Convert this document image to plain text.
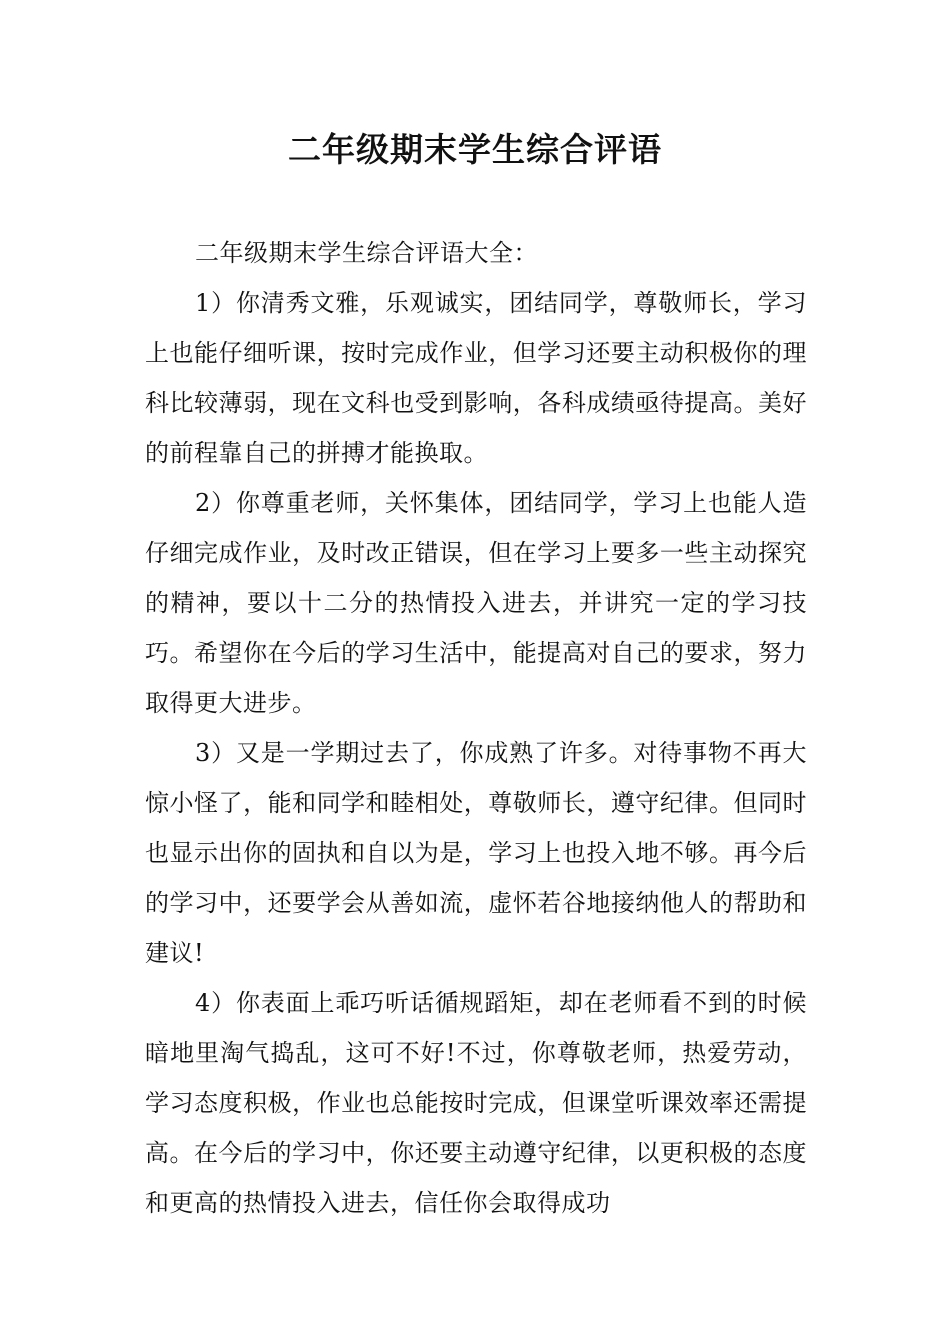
二年级期末学生综合评语

二年级期末学生综合评语大全：

1）你清秀文雅，乐观诚实，团结同学，尊敬师长，学习上也能仔细听课，按时完成作业，但学习还要主动积极你的理科比较薄弱，现在文科也受到影响，各科成绩亟待提高。美好的前程靠自己的拼搏才能换取。

2）你尊重老师，关怀集体，团结同学，学习上也能人造仔细完成作业，及时改正错误，但在学习上要多一些主动探究的精神，要以十二分的热情投入进去，并讲究一定的学习技巧。希望你在今后的学习生活中，能提高对自己的要求，努力取得更大进步。

3）又是一学期过去了，你成熟了许多。对待事物不再大惊小怪了，能和同学和睦相处，尊敬师长，遵守纪律。但同时也显示出你的固执和自以为是，学习上也投入地不够。再今后的学习中，还要学会从善如流，虚怀若谷地接纳他人的帮助和建议!

4）你表面上乖巧听话循规蹈矩，却在老师看不到的时候暗地里淘气捣乱，这可不好!不过，你尊敬老师，热爱劳动，学习态度积极，作业也总能按时完成，但课堂听课效率还需提高。在今后的学习中，你还要主动遵守纪律，以更积极的态度和更高的热情投入进去，信任你会取得成功
